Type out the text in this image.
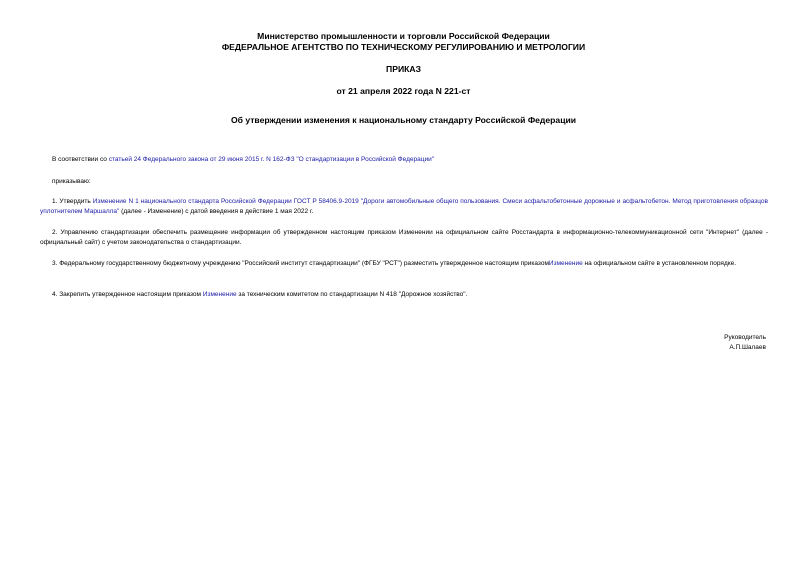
Министерство промышленности и торговли Российской Федерации
ФЕДЕРАЛЬНОЕ АГЕНТСТВО ПО ТЕХНИЧЕСКОМУ РЕГУЛИРОВАНИЮ И МЕТРОЛОГИИ
ПРИКАЗ
от 21 апреля 2022 года N 221-ст
Об утверждении изменения к национальному стандарту Российской Федерации
В соответствии со статьей 24 Федерального закона от 29 июня 2015 г. N 162-ФЗ "О стандартизации в Российской Федерации"
приказываю:
1. Утвердить Изменение N 1 национального стандарта Российской Федерации ГОСТ Р 58406.9-2019 "Дороги автомобильные общего пользования. Смеси асфальтобетонные дорожные и асфальтобетон. Метод приготовления образцов уплотнителем Маршалла" (далее - Изменение) с датой введения в действие 1 мая 2022 г.
2. Управлению стандартизации обеспечить размещение информации об утвержденном настоящим приказом Изменении на официальном сайте Росстандарта в информационно-телекоммуникационной сети "Интернет" (далее - официальный сайт) с учетом законодательства о стандартизации.
3. Федеральному государственному бюджетному учреждению "Российский институт стандартизации" (ФГБУ "РСТ") разместить утвержденное настоящим приказомИзменение на официальном сайте в установленном порядке.
4. Закрепить утвержденное настоящим приказом Изменение за техническим комитетом по стандартизации N 418 "Дорожное хозяйство".
Руководитель
А.П.Шалаев
